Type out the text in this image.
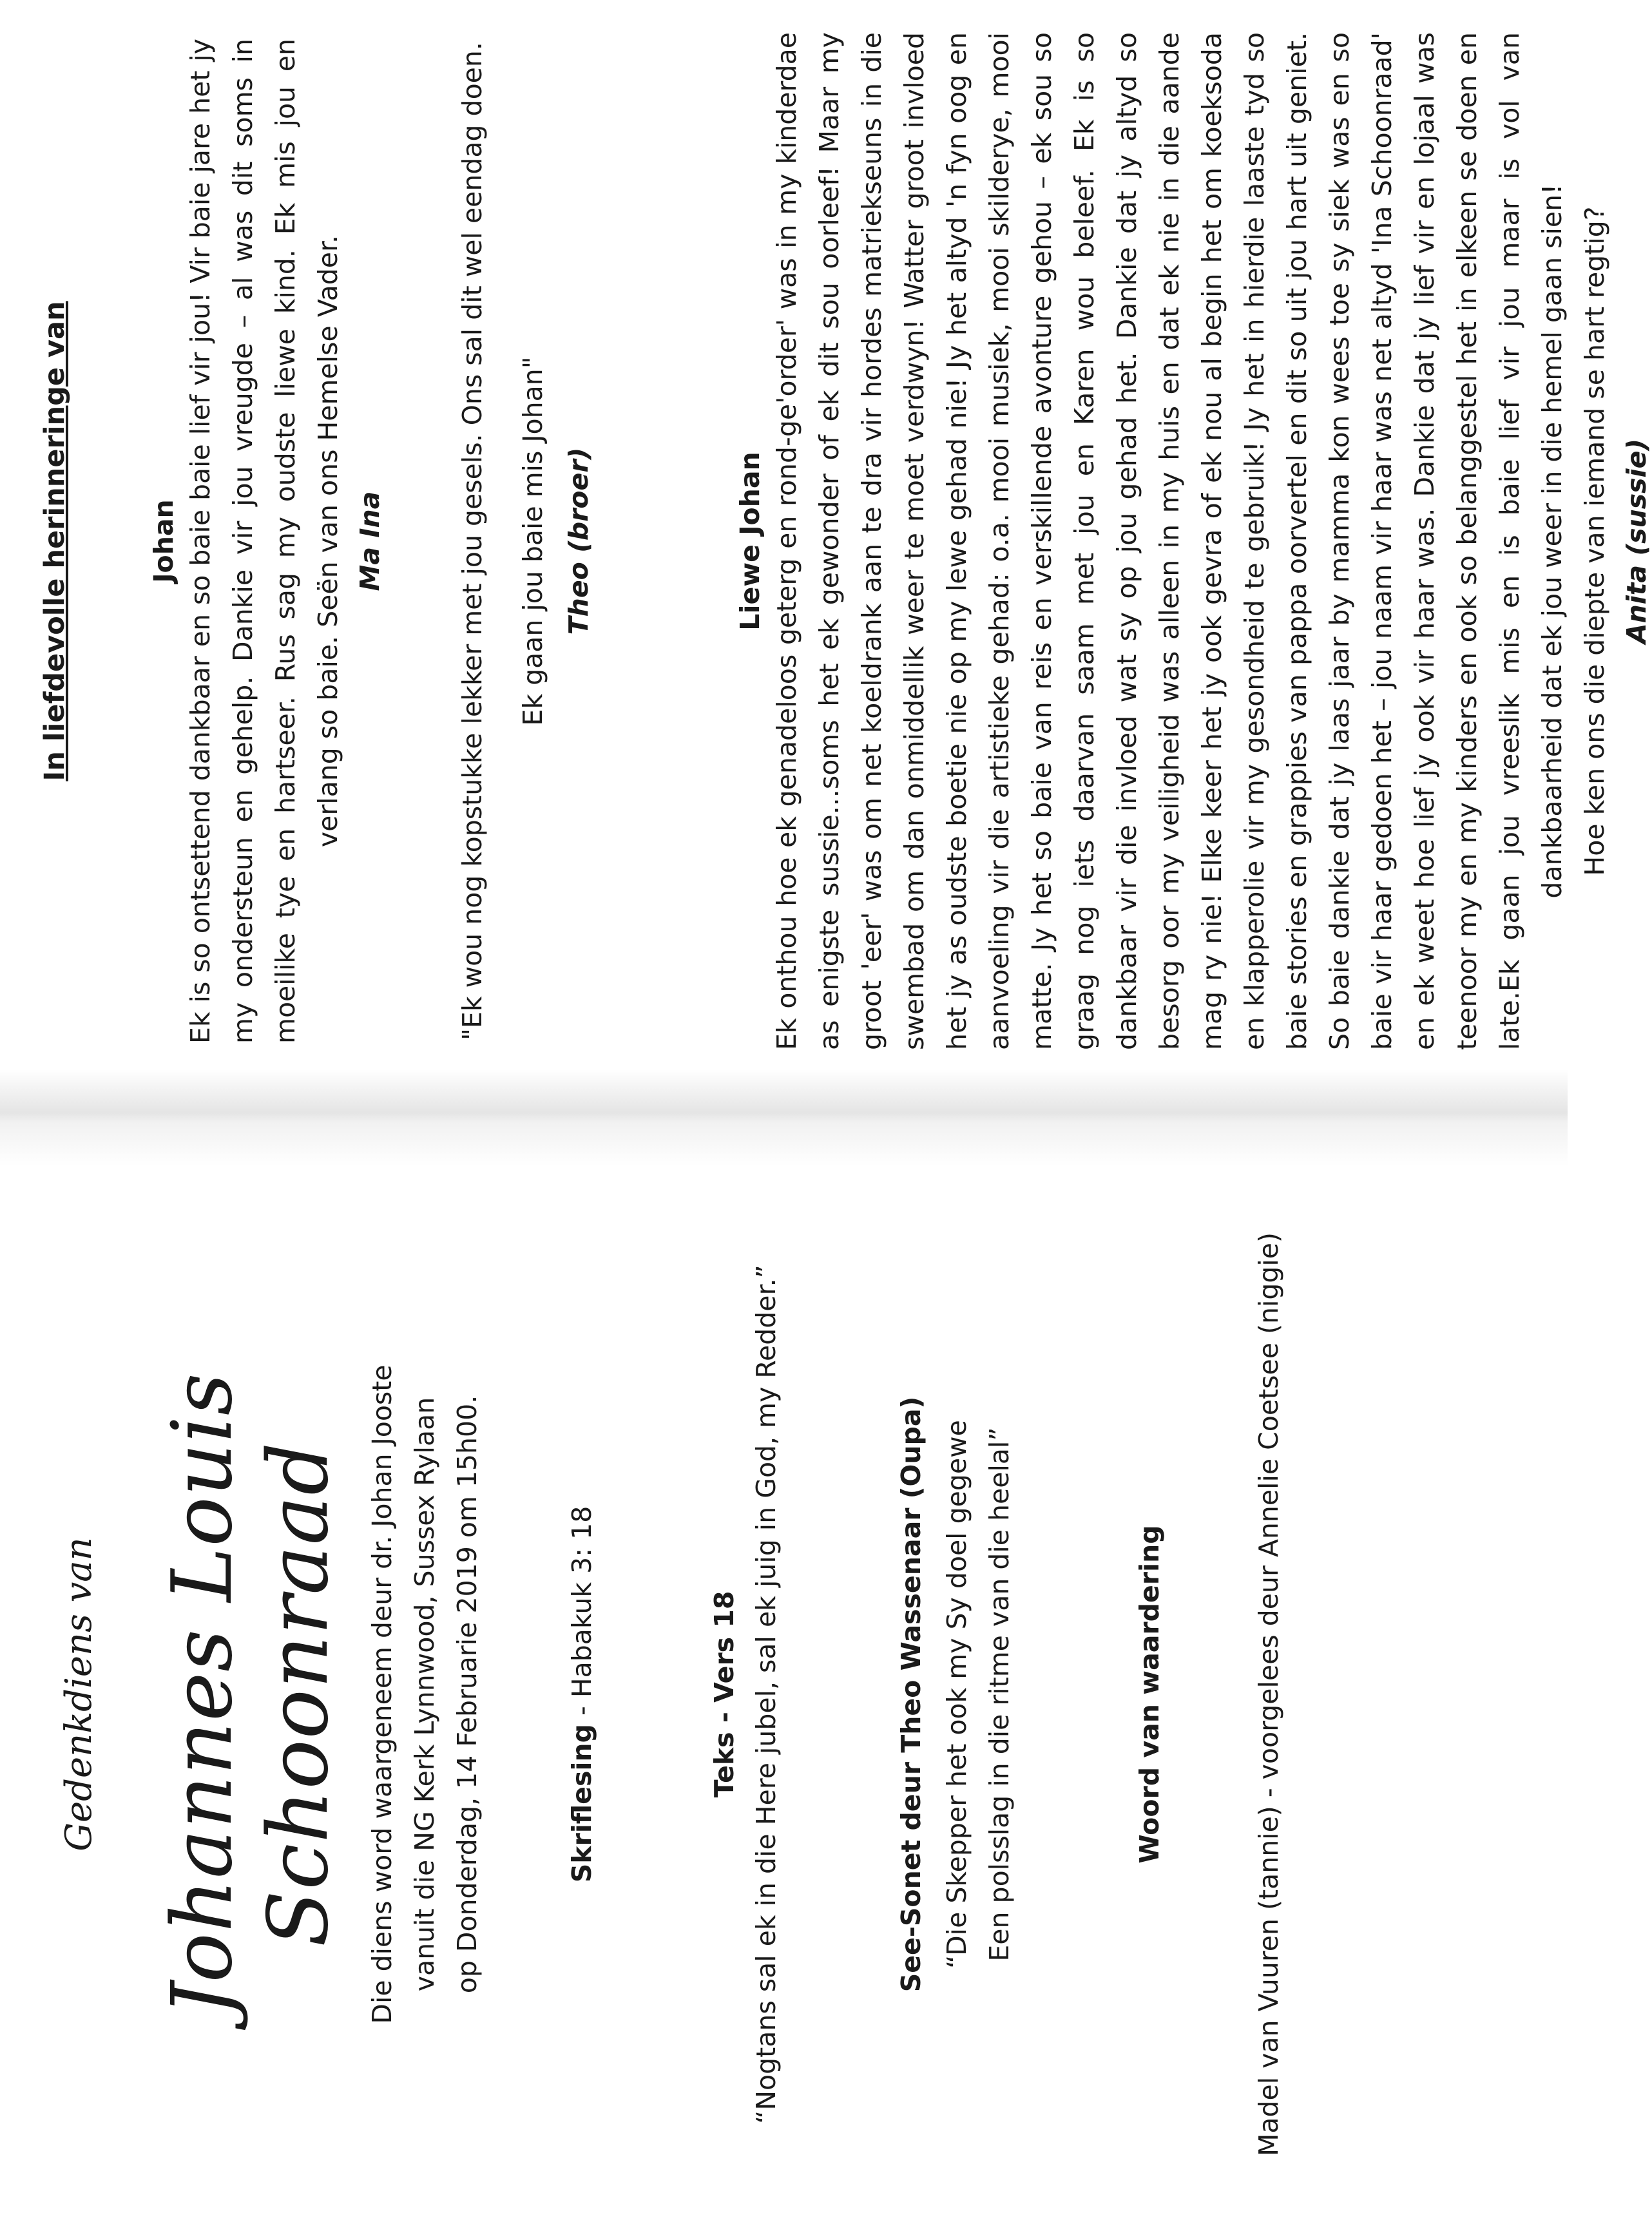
Gedenkdiens van Johannes Louis Schoonraad Die diens word waargeneem deur dr. Johan Jooste vanuit die NG Kerk Lynnwood, Sussex Rylaan op Donderdag, 14 Februarie 2019 om 15h00.	Skriflesing - Habakuk 3: 18	Teks - Vers 18 “Nogtans sal ek in die Here jubel, sal ek juig in God, my Redder.”	See-Sonet deur Theo Wassenaar (Oupa) “Die Skepper het ook my Sy doel gegewe Een polsslag in die ritme van die heelal”	Woord van waardering	Madel van Vuuren (tannie) - voorgelees deur Annelie Coetsee (niggie)

In liefdevolle herinneringe van	Johan Ek is so ontsettend dankbaar en so baie baie lief vir jou! Vir baie jare het jy my ondersteun en gehelp. Dankie vir jou vreugde – al was dit soms in moeilike tye en hartseer. Rus sag my oudste liewe kind. Ek mis jou en verlang so baie. Seën van ons Hemelse Vader. Ma Ina	"Ek wou nog kopstukke lekker met jou gesels. Ons sal dit wel eendag doen. Ek gaan jou baie mis Johan" Theo (broer)	Liewe Johan Ek onthou hoe ek genadeloos geterg en rond-ge'order' was in my kinderdae as enigste sussie...soms het ek gewonder of ek dit sou oorleef! Maar my groot 'eer' was om net koeldrank aan te dra vir hordes matriekseuns in die swembad om dan onmiddellik weer te moet verdwyn! Watter groot invloed het jy as oudste boetie nie op my lewe gehad nie! Jy het altyd 'n fyn oog en aanvoeling vir die artistieke gehad: o.a. mooi musiek, mooi skilderye, mooi matte. Jy het so baie van reis en verskillende avonture gehou – ek sou so graag nog iets daarvan saam met jou en Karen wou beleef. Ek is so dankbaar vir die invloed wat sy op jou gehad het. Dankie dat jy altyd so besorg oor my veiligheid was alleen in my huis en dat ek nie in die aande mag ry nie! Elke keer het jy ook gevra of ek nou al begin het om koeksoda en klapperolie vir my gesondheid te gebruik! Jy het in hierdie laaste tyd so baie stories en grappies van pappa oorvertel en dit so uit jou hart uit geniet. So baie dankie dat jy laas jaar by mamma kon wees toe sy siek was en so baie vir haar gedoen het – jou naam vir haar was net altyd 'Ina Schoonraad' en ek weet hoe lief jy ook vir haar was. Dankie dat jy lief vir en lojaal was teenoor my en my kinders en ook so belanggestel het in elkeen se doen en late.Ek gaan jou vreeslik mis en is baie lief vir jou maar is vol van dankbaarheid dat ek jou weer in die hemel gaan sien! Hoe ken ons die diepte van iemand se hart regtig? Anita (sussie)
